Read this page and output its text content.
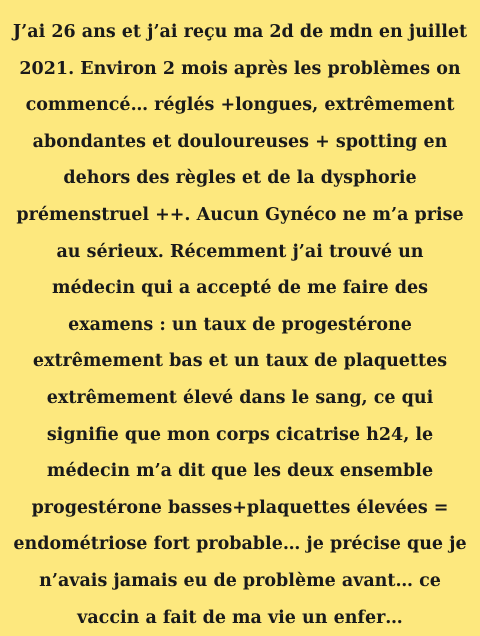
J’ai 26 ans et j’ai reçu ma 2d de mdn en juillet
2021. Environ 2 mois après les problèmes on
commencé… réglés +longues, extrêmement
abondantes et douloureuses + spotting en
dehors des règles et de la dysphorie
prémenstruel ++. Aucun Gynéco ne m’a prise
au sérieux. Récemment j’ai trouvé un
médecin qui a accepté de me faire des
examens : un taux de progestérone
extrêmement bas et un taux de plaquettes
extrêmement élevé dans le sang, ce qui
signifie que mon corps cicatrise h24, le
médecin m’a dit que les deux ensemble
progestérone basses+plaquettes élevées =
endométriose fort probable… je précise que je
n’avais jamais eu de problème avant… ce
vaccin a fait de ma vie un enfer…
